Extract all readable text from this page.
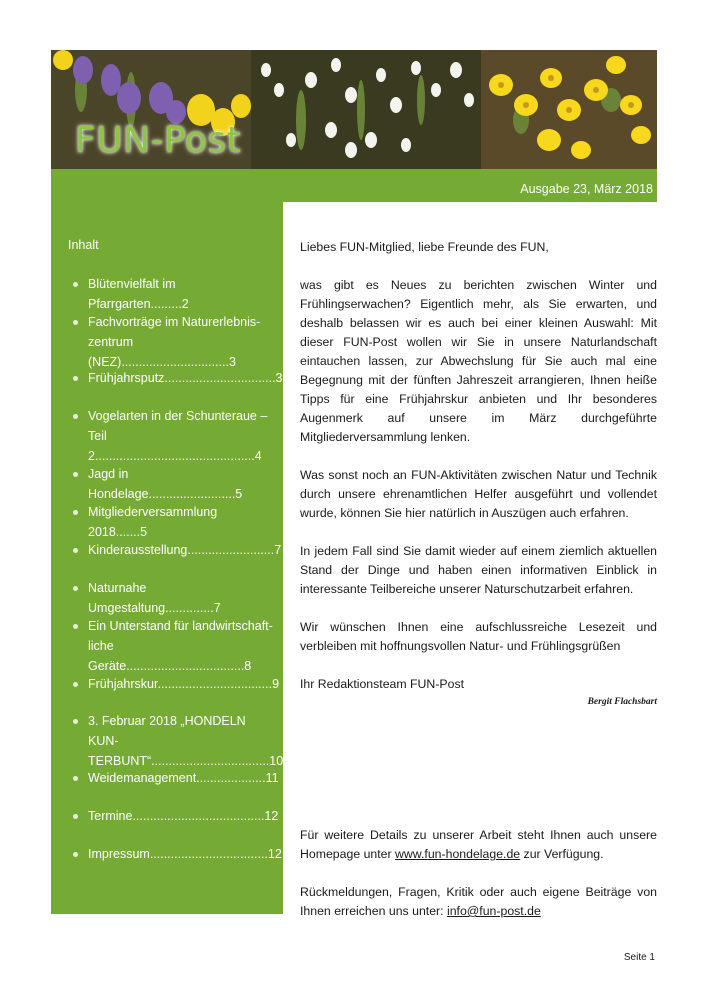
FUN-Post
Ausgabe 23, März 2018
Inhalt
Blütenvielfalt im Pfarrgarten.........2
Fachvorträge im Naturerlebnis-zentrum (NEZ)...............................3
Frühjahrsputz................................3
Vogelarten in der Schunteraue – Teil 2..............................................4
Jagd in Hondelage.........................5
Mitgliederversammlung 2018.......5
Kinderausstellung.........................7
Naturnahe Umgestaltung..............7
Ein Unterstand für landwirtschaft-liche Geräte..................................8
Frühjahrskur.................................9
3. Februar 2018 „HONDELN KUN-TERBUNT“..................................10
Weidemanagement....................11
Termine......................................12
Impressum..................................12

Liebes FUN-Mitglied, liebe Freunde des FUN,

was gibt es Neues zu berichten zwischen Winter und Frühlingserwachen? Eigentlich mehr, als Sie erwarten, und deshalb belassen wir es auch bei einer kleinen Auswahl: Mit dieser FUN-Post wollen wir Sie in unsere Naturlandschaft eintauchen lassen, zur Abwechslung für Sie auch mal eine Begegnung mit der fünften Jahreszeit arrangieren, Ihnen heiße Tipps für eine Frühjahrskur anbieten und Ihr besonderes Augenmerk auf unsere im März durchgeführte Mitgliederversammlung lenken.

Was sonst noch an FUN-Aktivitäten zwischen Natur und Technik durch unsere ehrenamtlichen Helfer ausgeführt und vollendet wurde, können Sie hier natürlich in Auszügen auch erfahren.

In jedem Fall sind Sie damit wieder auf einem ziemlich aktuellen Stand der Dinge und haben einen informativen Einblick in interessante Teilbereiche unserer Naturschutzarbeit erfahren.

Wir wünschen Ihnen eine aufschlussreiche Lesezeit und verbleiben mit hoffnungsvollen Natur- und Frühlingsgrüßen

Ihr Redaktionsteam FUN-Post

Bergit Flachsbart

Für weitere Details zu unserer Arbeit steht Ihnen auch unsere Homepage unter www.fun-hondelage.de zur Verfügung.

Rückmeldungen, Fragen, Kritik oder auch eigene Beiträge von Ihnen erreichen uns unter: info@fun-post.de

Seite 1
